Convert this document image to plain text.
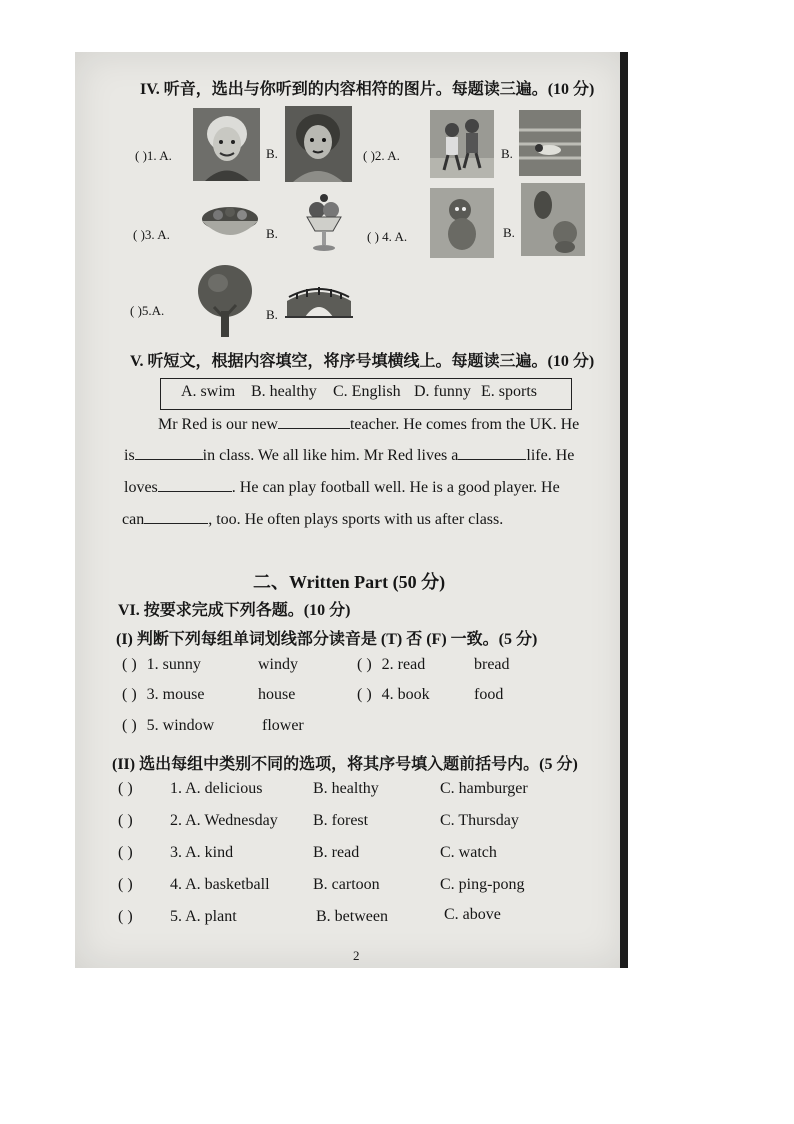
IV. 听音，选出与你听到的内容相符的图片。每题读三遍。(10 分)
( )1. A.	B.	( )2. A.	B.
( )3. A.	B.	( ) 4. A.	B.
( )5.A.	B.
V. 听短文，根据内容填空，将序号填横线上。每题读三遍。(10 分)
A. swim B. healthy C. English D. funny E. sports
Mr Red is our new	teacher. He comes from the UK. He
is	in class. We all like him. Mr Red lives a	life. He
loves	. He can play football well. He is a good player. He
can	, too. He often plays sports with us after class.
二、Written Part (50 分)
VI. 按要求完成下列各题。(10 分)
(I) 判断下列每组单词划线部分读音是 (T) 否 (F) 一致。(5 分)
( ) 1. sunny	windy	( ) 2. read	bread
( ) 3. mouse	house	( ) 4. book	food
( ) 5. window	flower
(II) 选出每组中类别不同的选项，将其序号填入题前括号内。(5 分)
( ) 1. A. delicious	B. healthy	C. hamburger
( ) 2. A. Wednesday B. forest	C. Thursday
( ) 3. A. kind	B. read	C. watch
( ) 4. A. basketball	B. cartoon	C. ping-pong
( ) 5. A. plant	B. between	C. above
2
